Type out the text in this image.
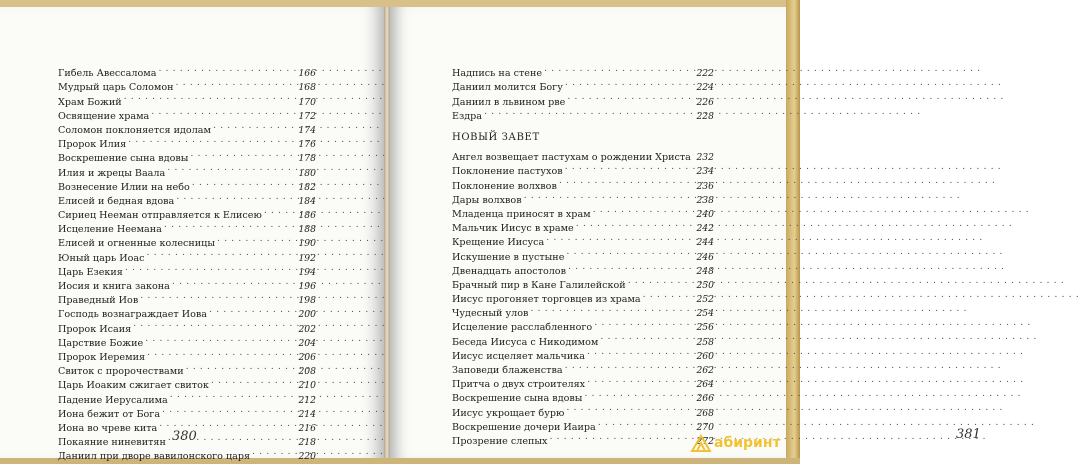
Гибель Авессалома . . .	166
Мудрый царь Соломон . . .	168
Храм Божий . . .	170
Освящение храма . . .	172
Соломон поклоняется идолам . . .	174
Пророк Илия . . .	176
Воскрешение сына вдовы . . .	178
Илия и жрецы Ваала . . .	180
Вознесение Илии на небо . . .	182
Елисей и бедная вдова . . .	184
Сириец Нееман отправляется к Елисею . . .	186
Исцеление Неемана . . .	188
Елисей и огненные колесницы . . .	190
Юный царь Иоас . . .	192
Царь Езекия . . .	194
Иосия и книга закона . . .	196
Праведный Иов . . .	198
Господь вознаграждает Иова . . .	200
Пророк Исаия . . .	202
Царствие Божие . . .	204
Пророк Иеремия . . .	206
Свиток с пророчествами . . .	208
Царь Иоаким сжигает свиток . . .	210
Падение Иерусалима . . .	212
Иона бежит от Бога . . .	214
Иона во чреве кита . . .	216
Покаяние ниневитян . . .	218
Даниил при дворе вавилонского царя . . .	220
380
Надпись на стене . . .	222
Даниил молится Богу . . .	224
Даниил в львином рве . . .	226
Ездра . . .	228
НОВЫЙ ЗАВЕТ
Ангел возвещает пастухам о рождении Христа . . . 232
Поклонение пастухов . . .	234
Поклонение волхвов . . .	236
Дары волхвов . . .	238
Младенца приносят в храм . . .	240
Мальчик Иисус в храме . . .	242
Крещение Иисуса . . .	244
Искушение в пустыне . . .	246
Двенадцать апостолов . . .	248
Брачный пир в Кане Галилейской . . .	250
Иисус прогоняет торговцев из храма . . .	252
Чудесный улов . . .	254
Исцеление расслабленного . . .	256
Беседа Иисуса с Никодимом . . .	258
Иисус исцеляет мальчика . . .	260
Заповеди блаженства . . .	262
Притча о двух строителях . . .	264
Воскрешение сына вдовы . . .	266
Иисус укрощает бурю . . .	268
Воскрешение дочери Иаира . . .	270
Прозрение слепых . . .	272	381
абиринт
